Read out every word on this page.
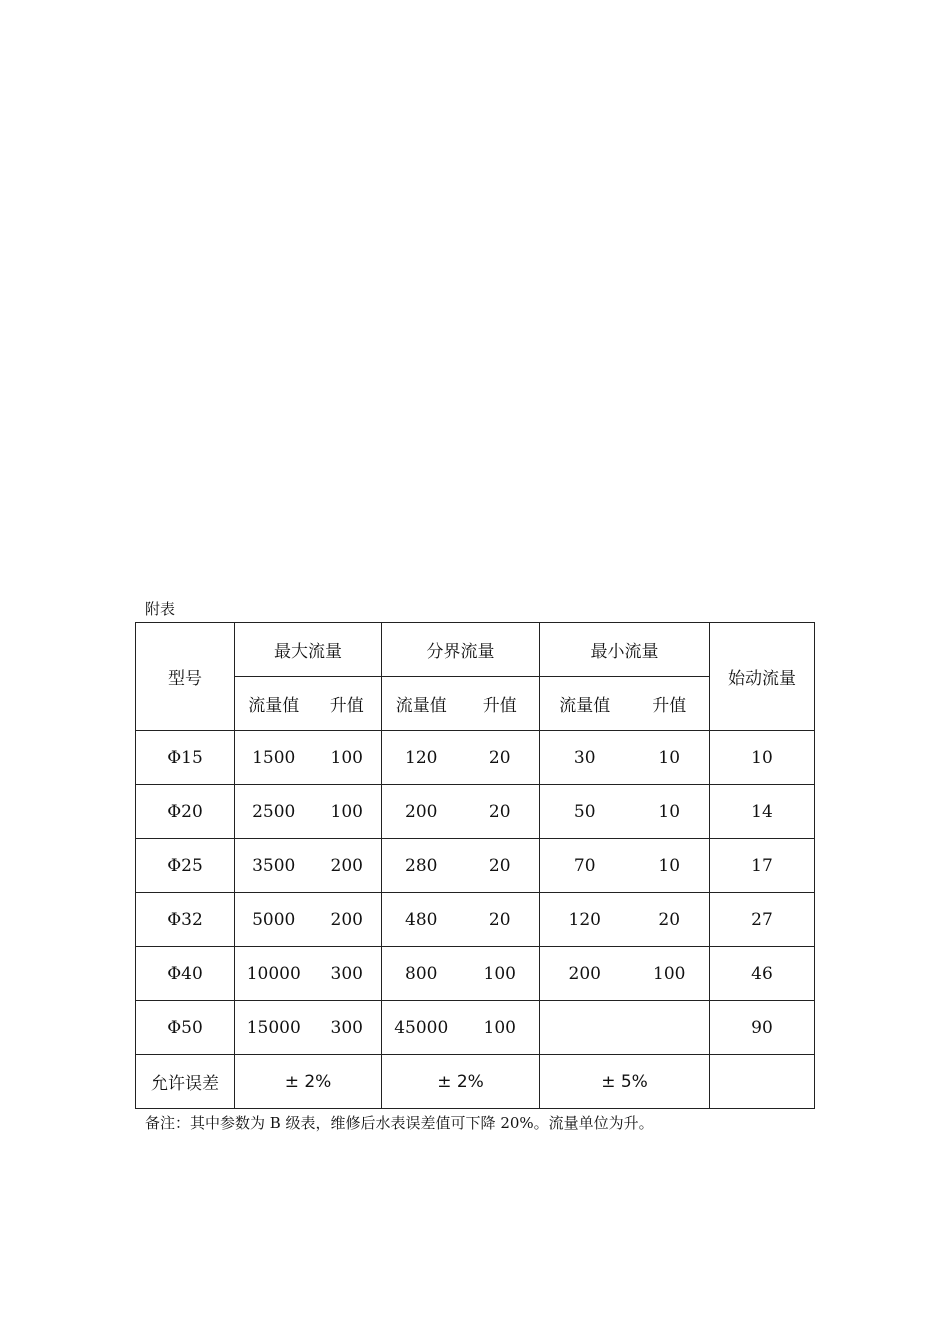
附表
型号	最大流量		分界流量		最小流量		始动流量
	流量值	升值	流量值	升值	流量值	升值	
Φ15	1500	100	120	20	30	10	10
Φ20	2500	100	200	20	50	10	14
Φ25	3500	200	280	20	70	10	17
Φ32	5000	200	480	20	120	20	27
Φ40	10000	300	800	100	200	100	46
Φ50	15000	300	45000	100			90
允许误差	± 2%		± 2%		± 5%		
备注：其中参数为 B 级表，维修后水表误差值可下降 20%。流量单位为升。
